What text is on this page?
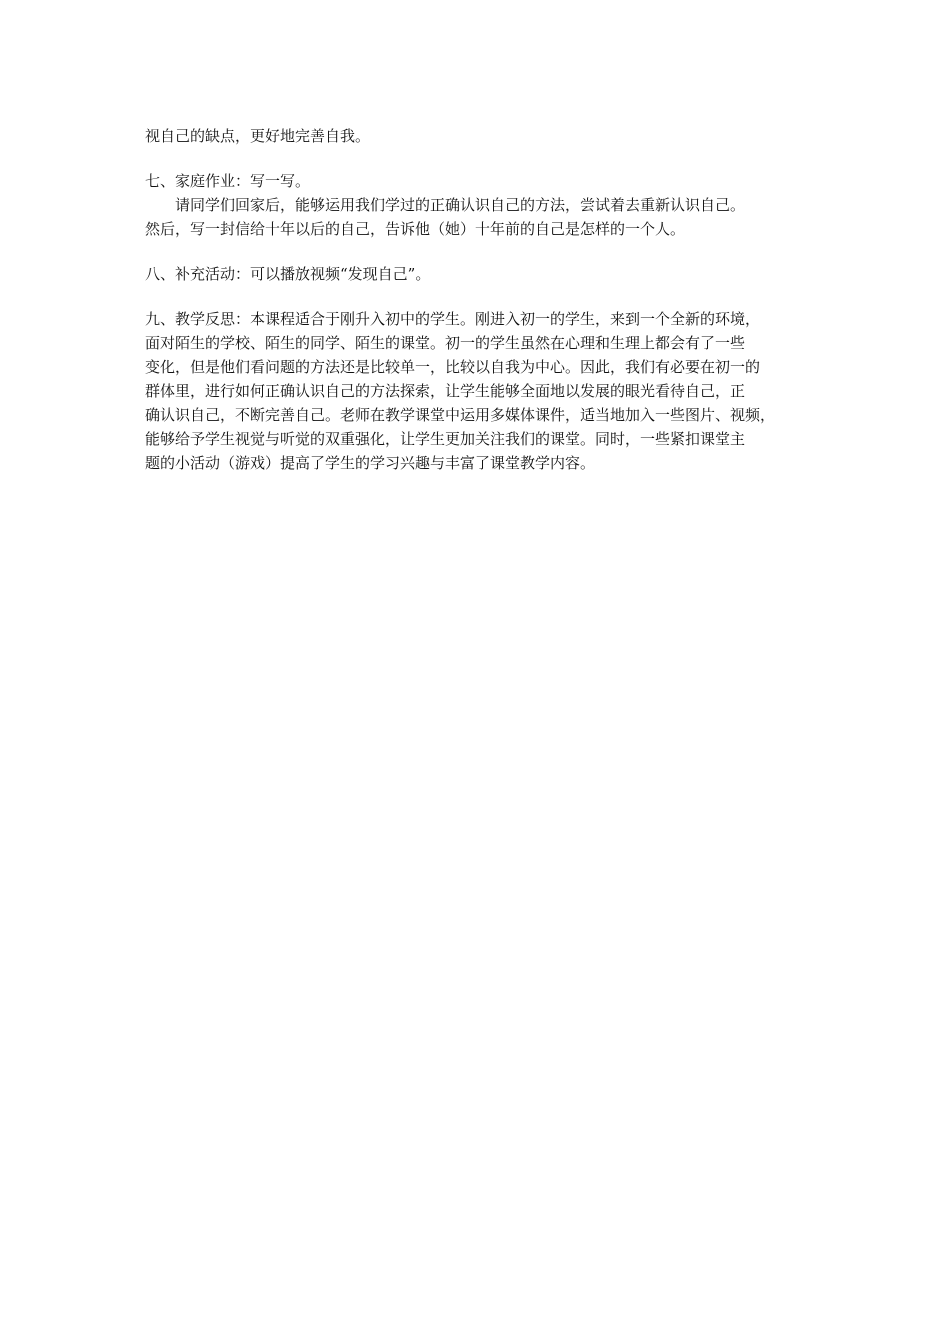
视自己的缺点，更好地完善自我。

七、家庭作业：写一写。

请同学们回家后，能够运用我们学过的正确认识自己的方法，尝试着去重新认识自己。
然后，写一封信给十年以后的自己，告诉他（她）十年前的自己是怎样的一个人。

八、补充活动：可以播放视频“发现自己”。

九、教学反思：本课程适合于刚升入初中的学生。刚进入初一的学生，来到一个全新的环境，
面对陌生的学校、陌生的同学、陌生的课堂。初一的学生虽然在心理和生理上都会有了一些
变化，但是他们看问题的方法还是比较单一，比较以自我为中心。因此，我们有必要在初一的
群体里，进行如何正确认识自己的方法探索，让学生能够全面地以发展的眼光看待自己，正
确认识自己，不断完善自己。老师在教学课堂中运用多媒体课件，适当地加入一些图片、视频，
能够给予学生视觉与听觉的双重强化，让学生更加关注我们的课堂。同时，一些紧扣课堂主
题的小活动（游戏）提高了学生的学习兴趣与丰富了课堂教学内容。
